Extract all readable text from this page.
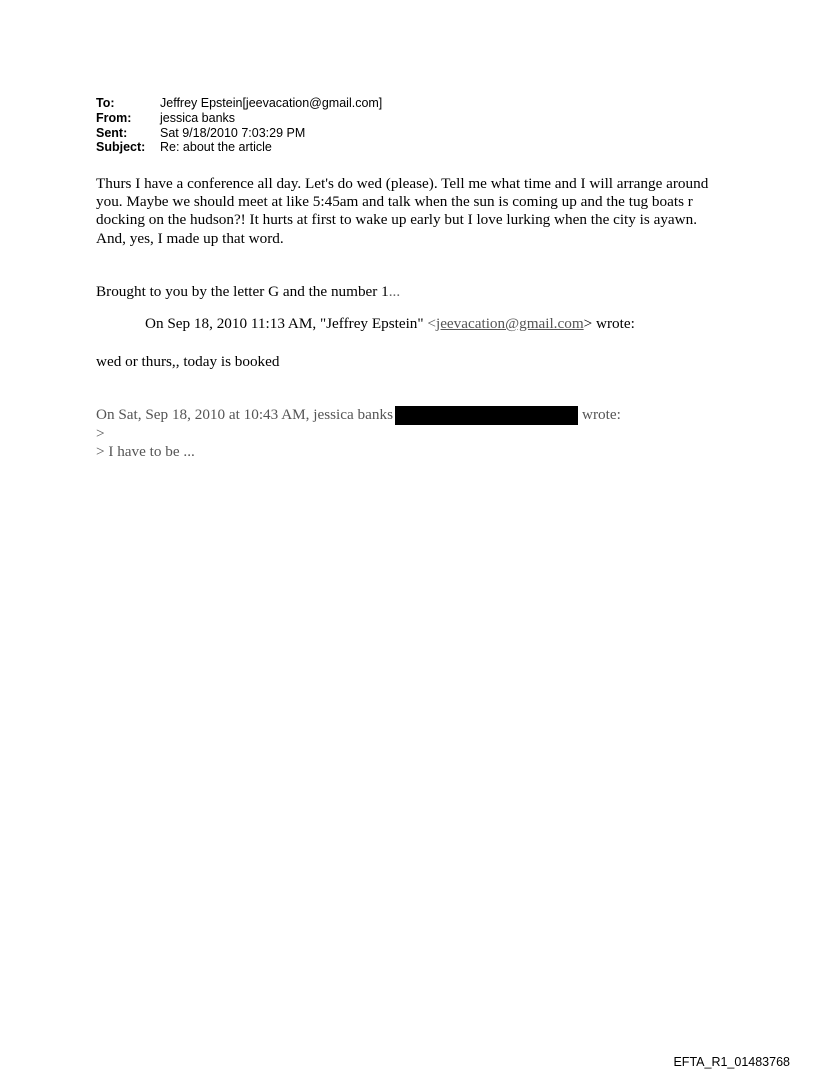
To:	Jeffrey Epstein[jeevacation@gmail.com]
From:	jessica banks
Sent:	Sat 9/18/2010 7:03:29 PM
Subject:	Re: about the article
Thurs I have a conference all day. Let's do wed (please). Tell me what time and I will arrange around you. Maybe we should meet at like 5:45am and talk when the sun is coming up and the tug boats r docking on the hudson?! It hurts at first to wake up early but I love lurking when the city is ayawn.
And, yes, I made up that word.
Brought to you by the letter G and the number 1...
On Sep 18, 2010 11:13 AM, "Jeffrey Epstein" <jeevacation@gmail.com> wrote:
wed or thurs,, today is booked
On Sat, Sep 18, 2010 at 10:43 AM, jessica banks	wrote:
>
> I have to be ...
EFTA_R1_01483768
